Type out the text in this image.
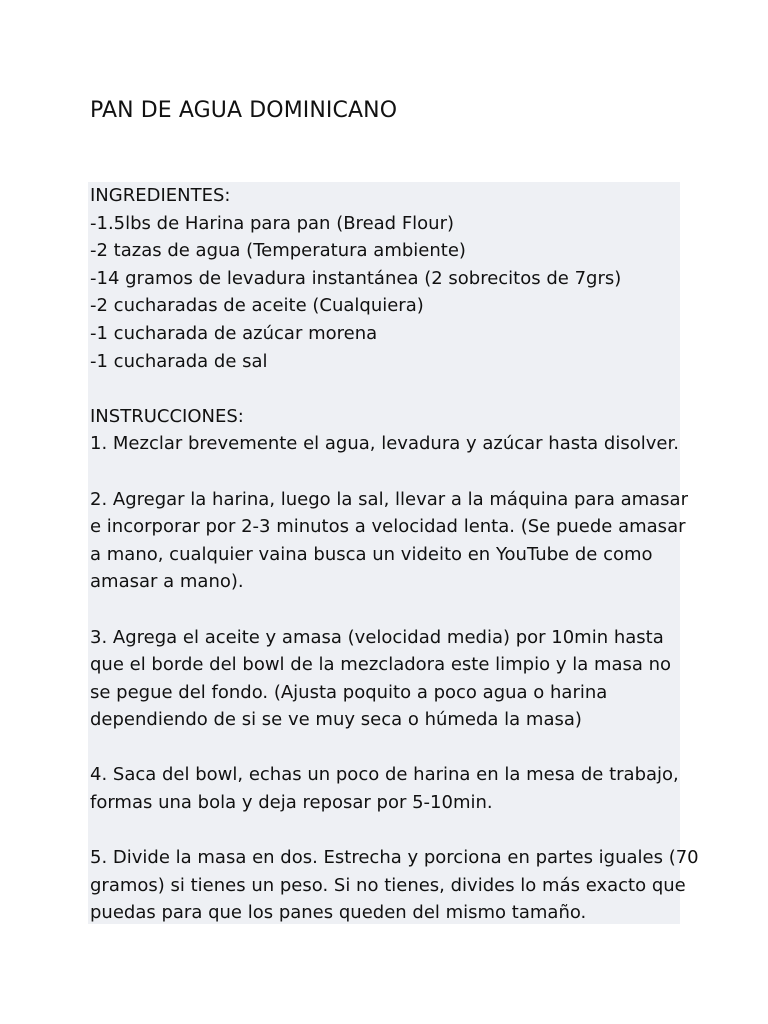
PAN DE AGUA DOMINICANO
INGREDIENTES:
-1.5lbs de Harina para pan (Bread Flour)
-2 tazas de agua (Temperatura ambiente)
-14 gramos de levadura instantánea (2 sobrecitos de 7grs)
-2 cucharadas de aceite (Cualquiera)
-1 cucharada de azúcar morena
-1 cucharada de sal
INSTRUCCIONES:
1. Mezclar brevemente el agua, levadura y azúcar hasta disolver.
2. Agregar la harina, luego la sal, llevar a la máquina para amasar
e incorporar por 2-3 minutos a velocidad lenta. (Se puede amasar
a mano, cualquier vaina busca un videito en YouTube de como
amasar a mano).
3. Agrega el aceite y amasa (velocidad media) por 10min hasta
que el borde del bowl de la mezcladora este limpio y la masa no
se pegue del fondo. (Ajusta poquito a poco agua o harina
dependiendo de si se ve muy seca o húmeda la masa)
4. Saca del bowl, echas un poco de harina en la mesa de trabajo,
formas una bola y deja reposar por 5-10min.
5. Divide la masa en dos. Estrecha y porciona en partes iguales (70
gramos) si tienes un peso. Si no tienes, divides lo más exacto que
puedas para que los panes queden del mismo tamaño.
